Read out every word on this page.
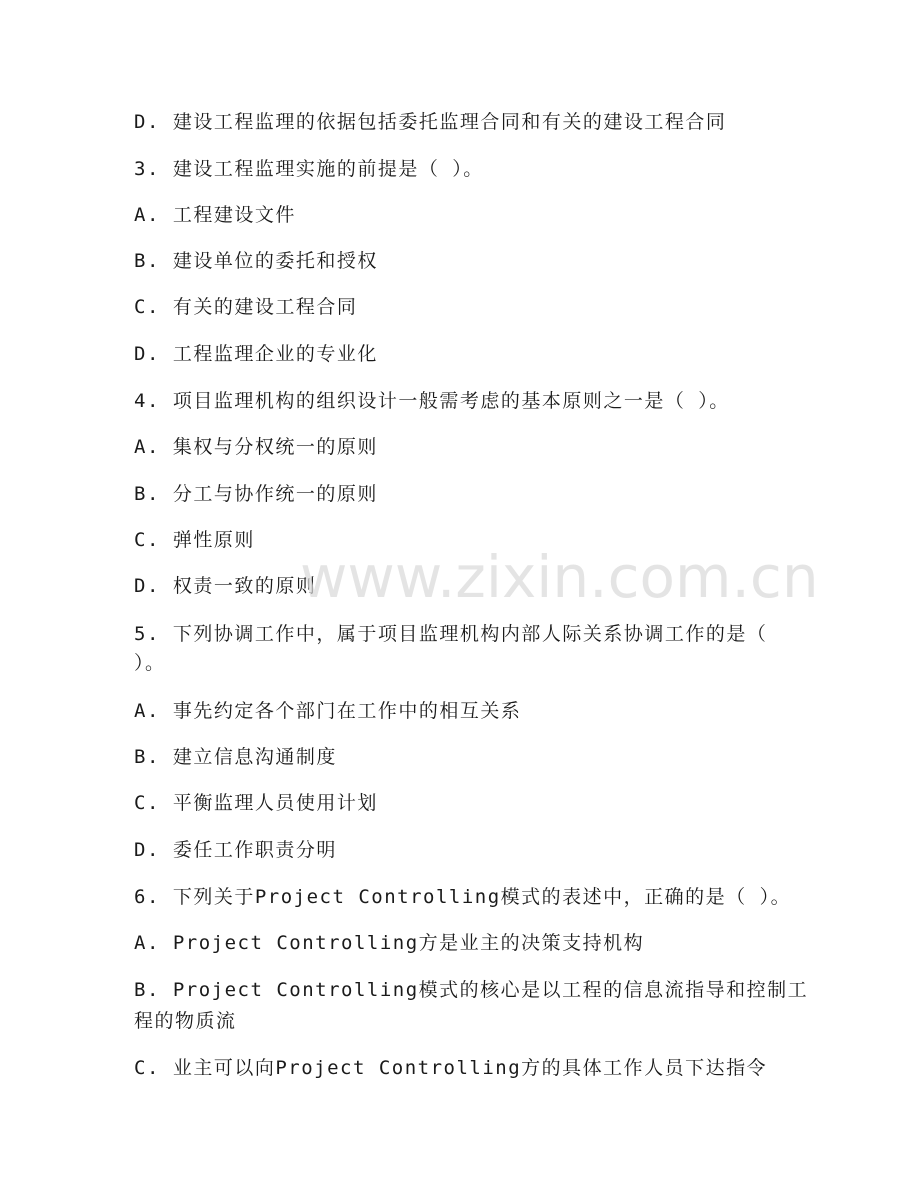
D. 建设工程监理的依据包括委托监理合同和有关的建设工程合同
3. 建设工程监理实施的前提是（ ）。
A. 工程建设文件
B. 建设单位的委托和授权
C. 有关的建设工程合同
D. 工程监理企业的专业化
4. 项目监理机构的组织设计一般需考虑的基本原则之一是（ ）。
A. 集权与分权统一的原则
B. 分工与协作统一的原则
C. 弹性原则
D. 权责一致的原则
5. 下列协调工作中，属于项目监理机构内部人际关系协调工作的是（
）。
A. 事先约定各个部门在工作中的相互关系
B. 建立信息沟通制度
C. 平衡监理人员使用计划
D. 委任工作职责分明
6. 下列关于Project Controlling模式的表述中，正确的是（ ）。
A. Project Controlling方是业主的决策支持机构
B. Project Controlling模式的核心是以工程的信息流指导和控制工
程的物质流
C. 业主可以向Project Controlling方的具体工作人员下达指令
www.zixin.com.cn
